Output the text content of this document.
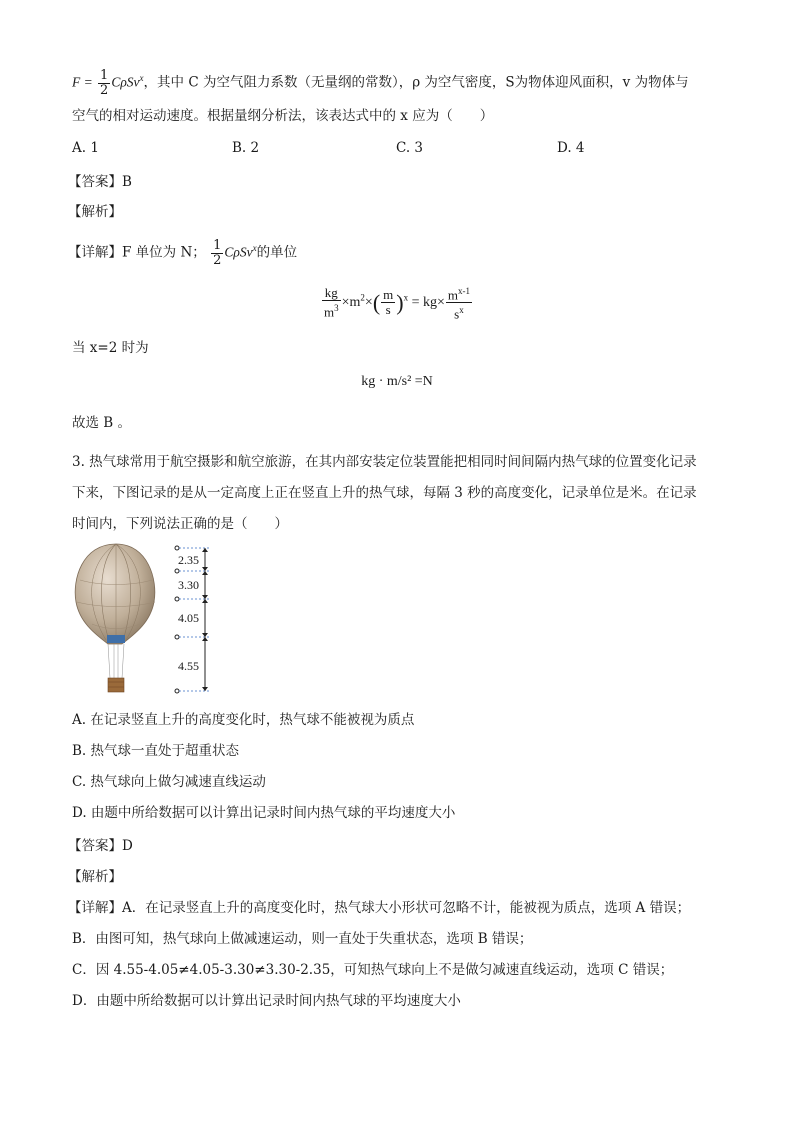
$F = \frac{1}{2} C\rho Sv^x$，其中 C 为空气阻力系数（无量纲的常数），ρ 为空气密度，S为物体迎风面积，v 为物体与
空气的相对运动速度。根据量纲分析法，该表达式中的 x 应为（　　）
A. 1	B. 2	C. 3	D. 4
【答案】B
【解析】
【详解】F 单位为 N； $\frac{1}{2} C\rho Sv^x$的单位
$\frac{kg}{m^3} \times m^2\times( \frac{m}{s} )^x = kg\times \frac{m^{x-1}}{s^x}$
当 x=2 时为
kg · m/s² =N
故选 B 。
3. 热气球常用于航空摄影和航空旅游，在其内部安装定位装置能把相同时间间隔内热气球的位置变化记录
下来，下图记录的是从一定高度上正在竖直上升的热气球，每隔 3 秒的高度变化，记录单位是米。在记录
时间内，下列说法正确的是（　　）
2.35
3.30
4.05
4.55
A. 在记录竖直上升的高度变化时，热气球不能被视为质点
B. 热气球一直处于超重状态
C. 热气球向上做匀减速直线运动
D. 由题中所给数据可以计算出记录时间内热气球的平均速度大小
【答案】D
【解析】
【详解】A．在记录竖直上升的高度变化时，热气球大小形状可忽略不计，能被视为质点，选项 A 错误；
B．由图可知，热气球向上做减速运动，则一直处于失重状态，选项 B 错误；
C．因 4.55-4.05≠4.05-3.30≠3.30-2.35，可知热气球向上不是做匀减速直线运动，选项 C 错误；
D．由题中所给数据可以计算出记录时间内热气球的平均速度大小
